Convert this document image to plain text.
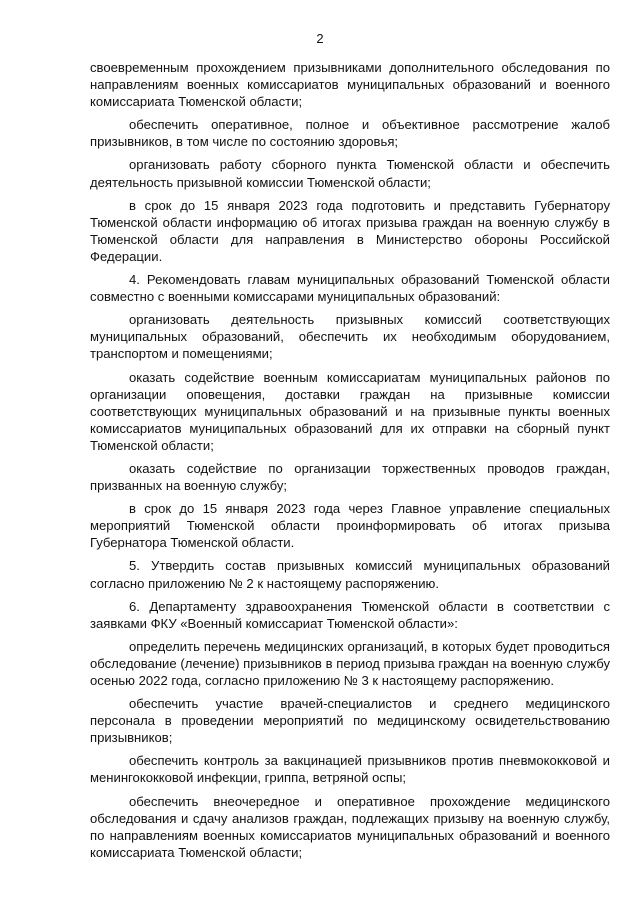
2

своевременным прохождением призывниками дополнительного обследования по направлениям военных комиссариатов муниципальных образований и военного комиссариата Тюменской области;

обеспечить оперативное, полное и объективное рассмотрение жалоб призывников, в том числе по состоянию здоровья;

организовать работу сборного пункта Тюменской области и обеспечить деятельность призывной комиссии Тюменской области;

в срок до 15 января 2023 года подготовить и представить Губернатору Тюменской области информацию об итогах призыва граждан на военную службу в Тюменской области для направления в Министерство обороны Российской Федерации.

4. Рекомендовать главам муниципальных образований Тюменской области совместно с военными комиссарами муниципальных образований:

организовать деятельность призывных комиссий соответствующих муниципальных образований, обеспечить их необходимым оборудованием, транспортом и помещениями;

оказать содействие военным комиссариатам муниципальных районов по организации оповещения, доставки граждан на призывные комиссии соответствующих муниципальных образований и на призывные пункты военных комиссариатов муниципальных образований для их отправки на сборный пункт Тюменской области;

оказать содействие по организации торжественных проводов граждан, призванных на военную службу;

в срок до 15 января 2023 года через Главное управление специальных мероприятий Тюменской области проинформировать об итогах призыва Губернатора Тюменской области.

5. Утвердить состав призывных комиссий муниципальных образований согласно приложению № 2 к настоящему распоряжению.

6. Департаменту здравоохранения Тюменской области в соответствии с заявками ФКУ «Военный комиссариат Тюменской области»:

определить перечень медицинских организаций, в которых будет проводиться обследование (лечение) призывников в период призыва граждан на военную службу осенью 2022 года, согласно приложению № 3 к настоящему распоряжению.

обеспечить участие врачей-специалистов и среднего медицинского персонала в проведении мероприятий по медицинскому освидетельствованию призывников;

обеспечить контроль за вакцинацией призывников против пневмококковой и менингококковой инфекции, гриппа, ветряной оспы;

обеспечить внеочередное и оперативное прохождение медицинского обследования и сдачу анализов граждан, подлежащих призыву на военную службу, по направлениям военных комиссариатов муниципальных образований и военного комиссариата Тюменской области;
